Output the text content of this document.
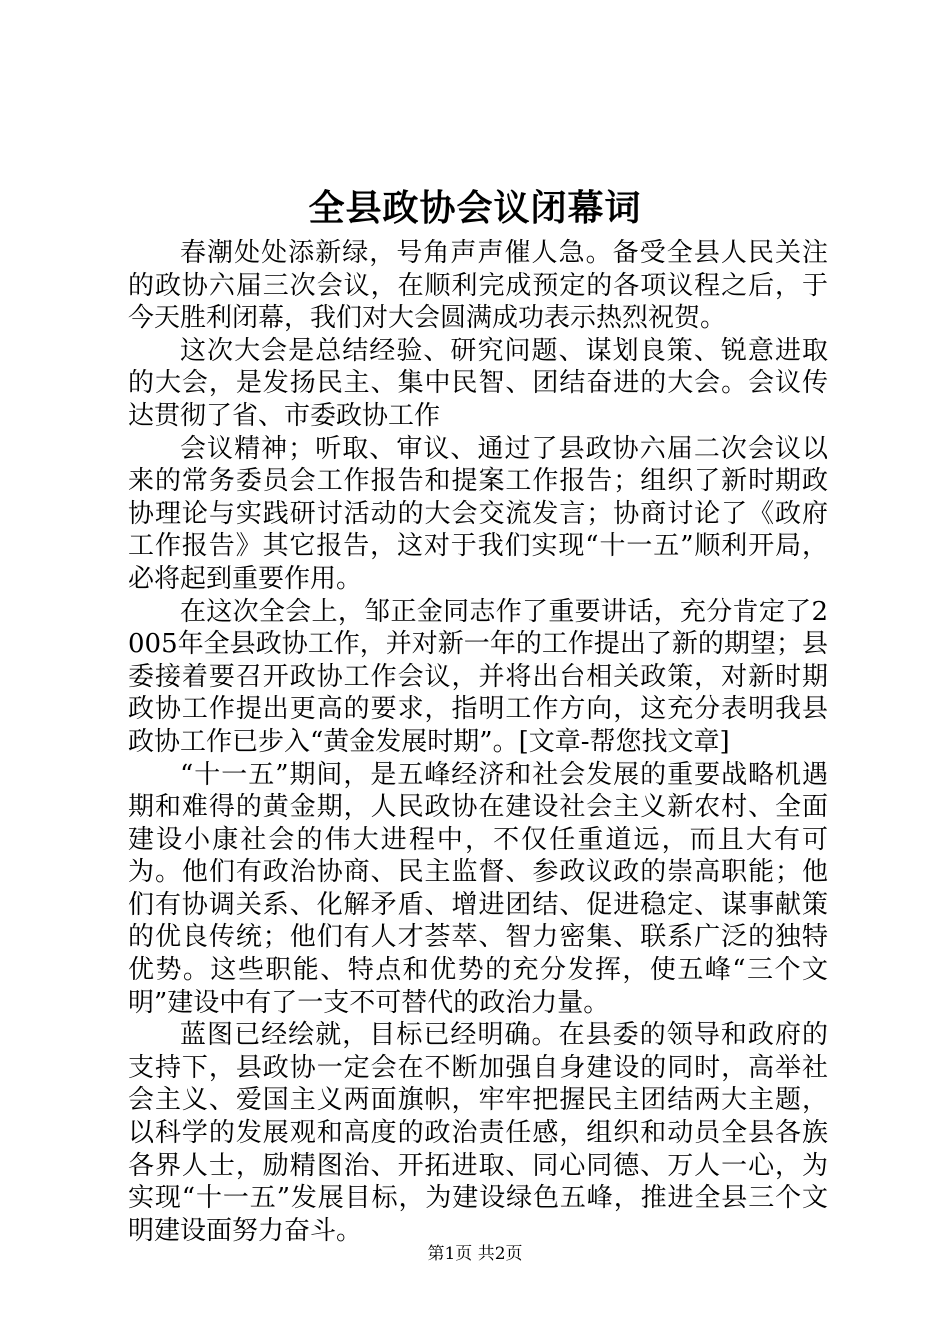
全县政协会议闭幕词

春潮处处添新绿，号角声声催人急。备受全县人民关注的政协六届三次会议，在顺利完成预定的各项议程之后，于今天胜利闭幕，我们对大会圆满成功表示热烈祝贺。

这次大会是总结经验、研究问题、谋划良策、锐意进取的大会，是发扬民主、集中民智、团结奋进的大会。会议传达贯彻了省、市委政协工作

会议精神；听取、审议、通过了县政协六届二次会议以来的常务委员会工作报告和提案工作报告；组织了新时期政协理论与实践研讨活动的大会交流发言；协商讨论了《政府工作报告》其它报告，这对于我们实现“十一五”顺利开局，必将起到重要作用。

在这次全会上，邹正金同志作了重要讲话，充分肯定了2005年全县政协工作，并对新一年的工作提出了新的期望；县委接着要召开政协工作会议，并将出台相关政策，对新时期政协工作提出更高的要求，指明工作方向，这充分表明我县政协工作已步入“黄金发展时期”。[文章-帮您找文章]

“十一五”期间，是五峰经济和社会发展的重要战略机遇期和难得的黄金期，人民政协在建设社会主义新农村、全面建设小康社会的伟大进程中，不仅任重道远，而且大有可为。他们有政治协商、民主监督、参政议政的崇高职能；他们有协调关系、化解矛盾、增进团结、促进稳定、谋事献策的优良传统；他们有人才荟萃、智力密集、联系广泛的独特优势。这些职能、特点和优势的充分发挥，使五峰“三个文明”建设中有了一支不可替代的政治力量。

蓝图已经绘就，目标已经明确。在县委的领导和政府的支持下，县政协一定会在不断加强自身建设的同时，高举社会主义、爱国主义两面旗帜，牢牢把握民主团结两大主题，以科学的发展观和高度的政治责任感，组织和动员全县各族各界人士，励精图治、开拓进取、同心同德、万人一心，为实现“十一五”发展目标，为建设绿色五峰，推进全县三个文明建设面努力奋斗。

第1页 共2页
